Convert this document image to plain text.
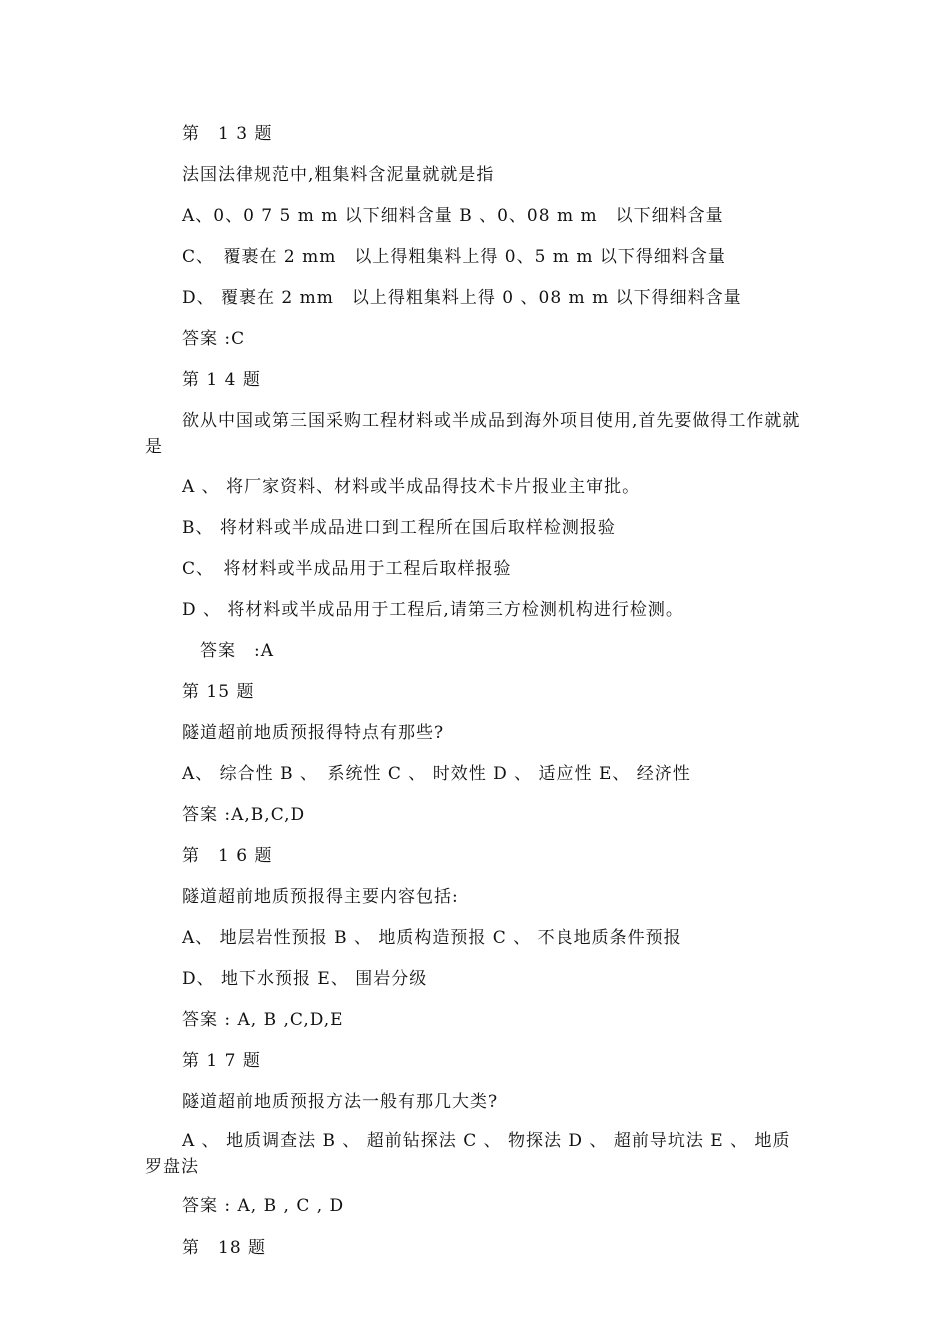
第　1 3 题
法国法律规范中,粗集料含泥量就就是指
A、0、0 7 5 m m 以下细料含量 B 、0、08 m m　以下细料含量
C、　覆裹在 2 mm　以上得粗集料上得 0、5 m m 以下得细料含量
D、 覆裹在 2 mm　以上得粗集料上得 0 、08 m m 以下得细料含量
答案 :C
第 1 4 题
欲从中国或第三国采购工程材料或半成品到海外项目使用,首先要做得工作就就是
A 、 将厂家资料、材料或半成品得技术卡片报业主审批。
B、 将材料或半成品进口到工程所在国后取样检测报验
C、　将材料或半成品用于工程后取样报验
D 、 将材料或半成品用于工程后,请第三方检测机构进行检测。
答案　:A
第 15 题
隧道超前地质预报得特点有那些?
A、 综合性 B 、　系统性 C 、 时效性 D 、 适应性 E、 经济性
答案 :A,B,C,D
第　1 6 题
隧道超前地质预报得主要内容包括:
A、 地层岩性预报 B 、 地质构造预报 C 、 不良地质条件预报
D、 地下水预报 E、 围岩分级
答案 : A, B ,C,D,E
第 1 7 题
隧道超前地质预报方法一般有那几大类?
A 、 地质调查法 B 、 超前钻探法 C 、 物探法 D 、 超前导坑法 E 、 地质罗盘法
答案 : A, B , C , D
第　18 题
